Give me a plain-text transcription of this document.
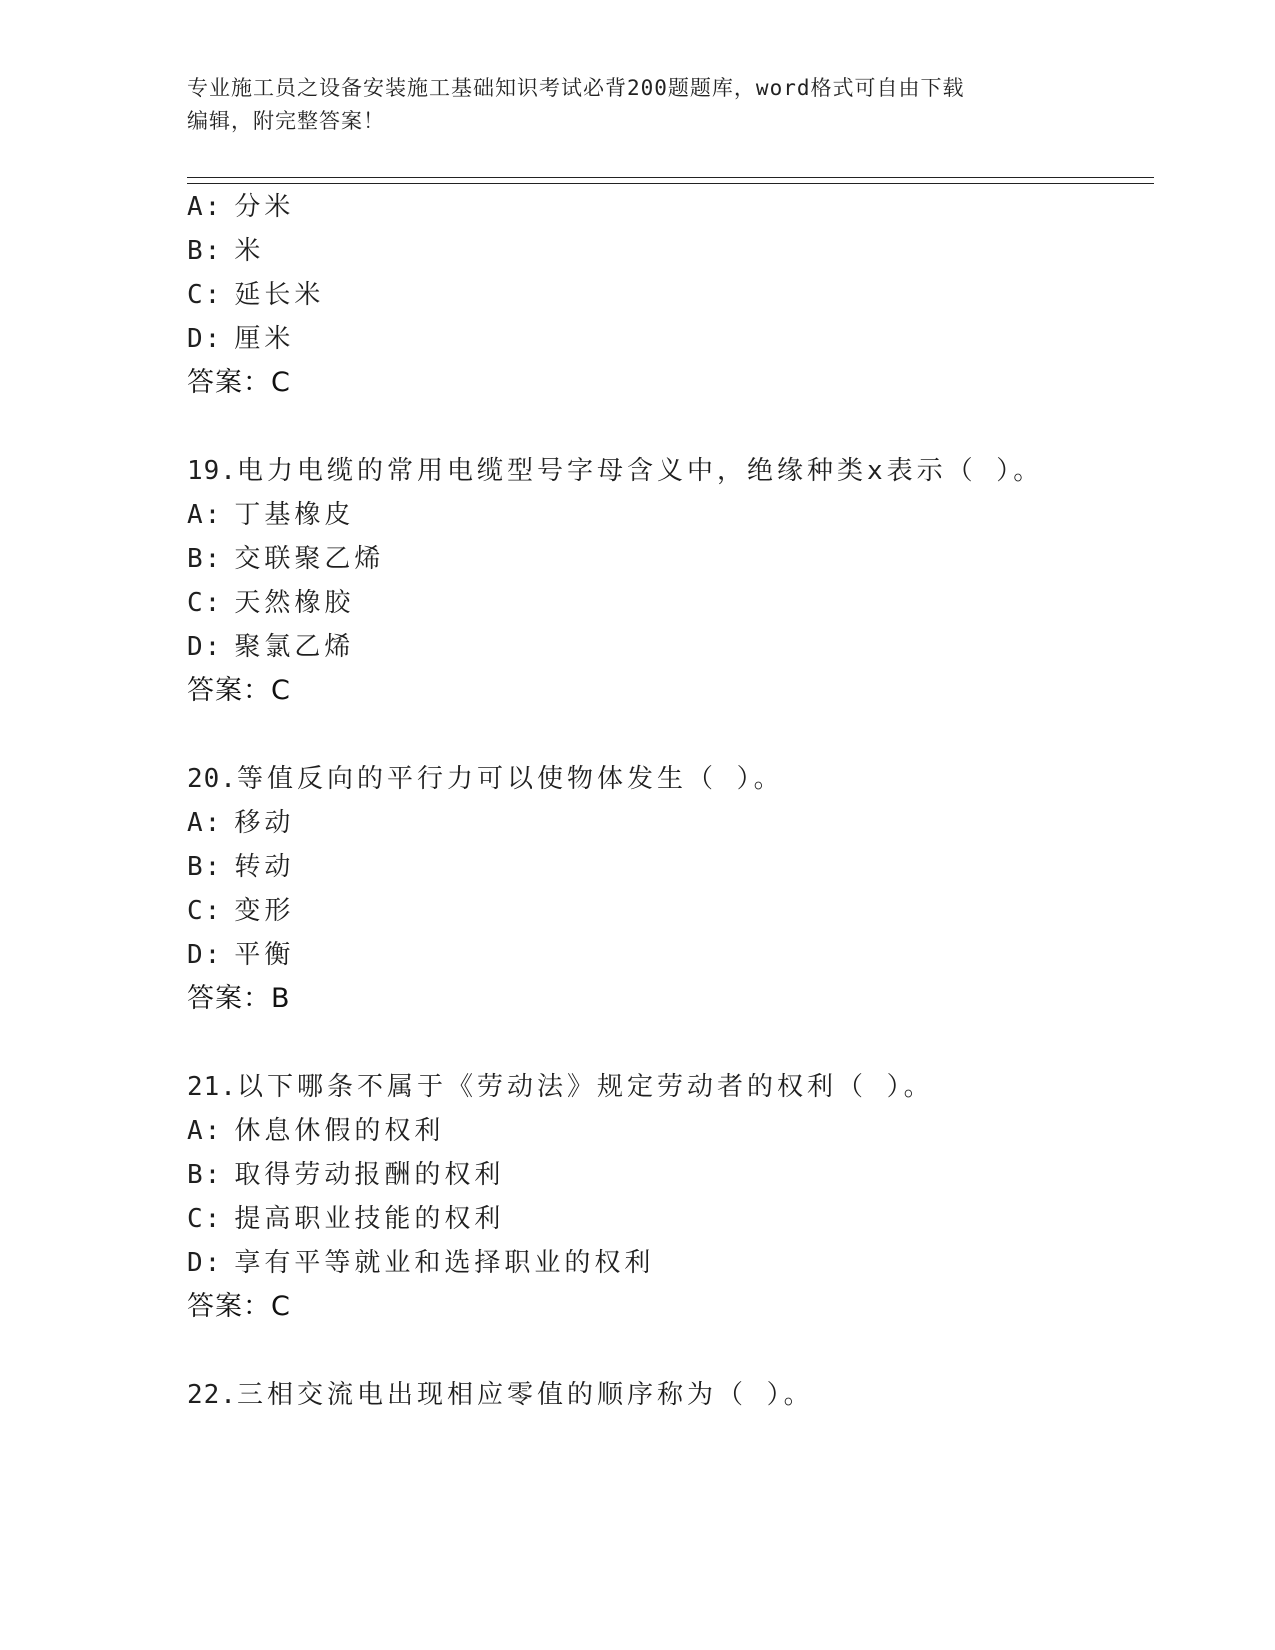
专业施工员之设备安装施工基础知识考试必背200题题库，word格式可自由下载
编辑，附完整答案！
A: 分米
B: 米
C: 延长米
D: 厘米
答案：C
19.电力电缆的常用电缆型号字母含义中，绝缘种类x表示（ ）。
A: 丁基橡皮
B: 交联聚乙烯
C: 天然橡胶
D: 聚氯乙烯
答案：C
20.等值反向的平行力可以使物体发生（ ）。
A: 移动
B: 转动
C: 变形
D: 平衡
答案：B
21.以下哪条不属于《劳动法》规定劳动者的权利（ ）。
A: 休息休假的权利
B: 取得劳动报酬的权利
C: 提高职业技能的权利
D: 享有平等就业和选择职业的权利
答案：C
22.三相交流电出现相应零值的顺序称为（ ）。
